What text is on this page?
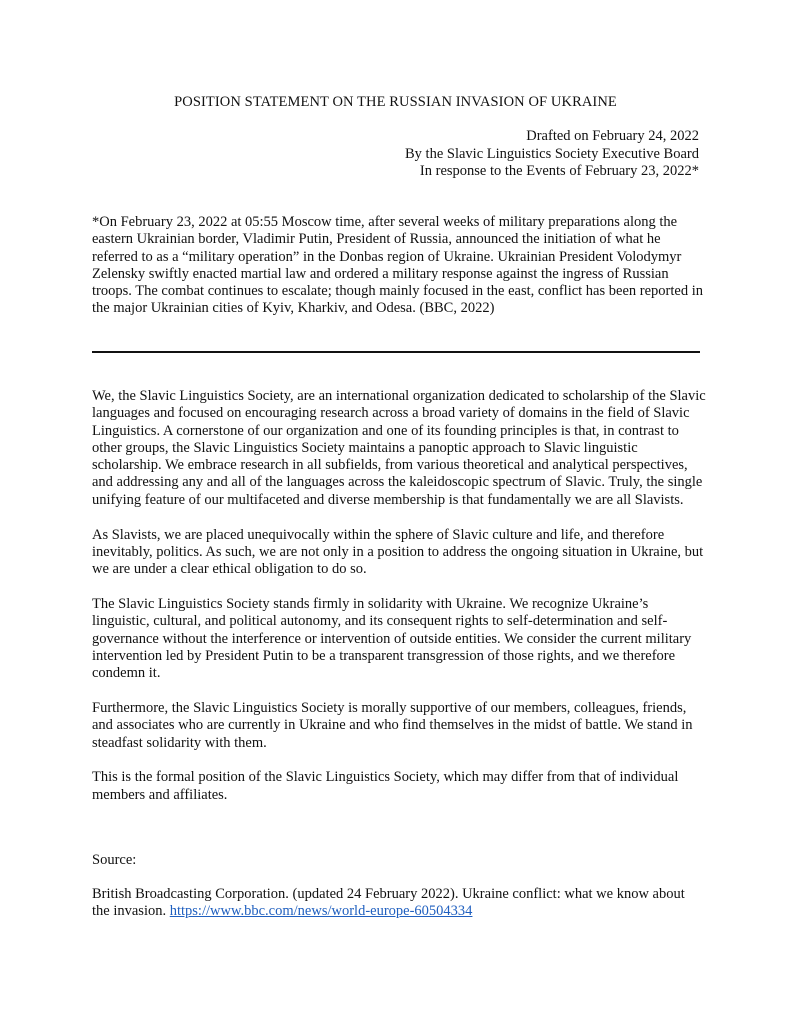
POSITION STATEMENT ON THE RUSSIAN INVASION OF UKRAINE
Drafted on February 24, 2022
By the Slavic Linguistics Society Executive Board
In response to the Events of February 23, 2022*
*On February 23, 2022 at 05:55 Moscow time, after several weeks of military preparations along the eastern Ukrainian border, Vladimir Putin, President of Russia, announced the initiation of what he referred to as a “military operation” in the Donbas region of Ukraine. Ukrainian President Volodymyr Zelensky swiftly enacted martial law and ordered a military response against the ingress of Russian troops. The combat continues to escalate; though mainly focused in the east, conflict has been reported in the major Ukrainian cities of Kyiv, Kharkiv, and Odesa. (BBC, 2022)

We, the Slavic Linguistics Society, are an international organization dedicated to scholarship of the Slavic languages and focused on encouraging research across a broad variety of domains in the field of Slavic Linguistics. A cornerstone of our organization and one of its founding principles is that, in contrast to other groups, the Slavic Linguistics Society maintains a panoptic approach to Slavic linguistic scholarship. We embrace research in all subfields, from various theoretical and analytical perspectives, and addressing any and all of the languages across the kaleidoscopic spectrum of Slavic. Truly, the single unifying feature of our multifaceted and diverse membership is that fundamentally we are all Slavists.

As Slavists, we are placed unequivocally within the sphere of Slavic culture and life, and therefore inevitably, politics. As such, we are not only in a position to address the ongoing situation in Ukraine, but we are under a clear ethical obligation to do so.

The Slavic Linguistics Society stands firmly in solidarity with Ukraine. We recognize Ukraine’s linguistic, cultural, and political autonomy, and its consequent rights to self-determination and self-governance without the interference or intervention of outside entities. We consider the current military intervention led by President Putin to be a transparent transgression of those rights, and we therefore condemn it.

Furthermore, the Slavic Linguistics Society is morally supportive of our members, colleagues, friends, and associates who are currently in Ukraine and who find themselves in the midst of battle. We stand in steadfast solidarity with them.

This is the formal position of the Slavic Linguistics Society, which may differ from that of individual members and affiliates.

Source:
British Broadcasting Corporation. (updated 24 February 2022). Ukraine conflict: what we know about the invasion. https://www.bbc.com/news/world-europe-60504334
